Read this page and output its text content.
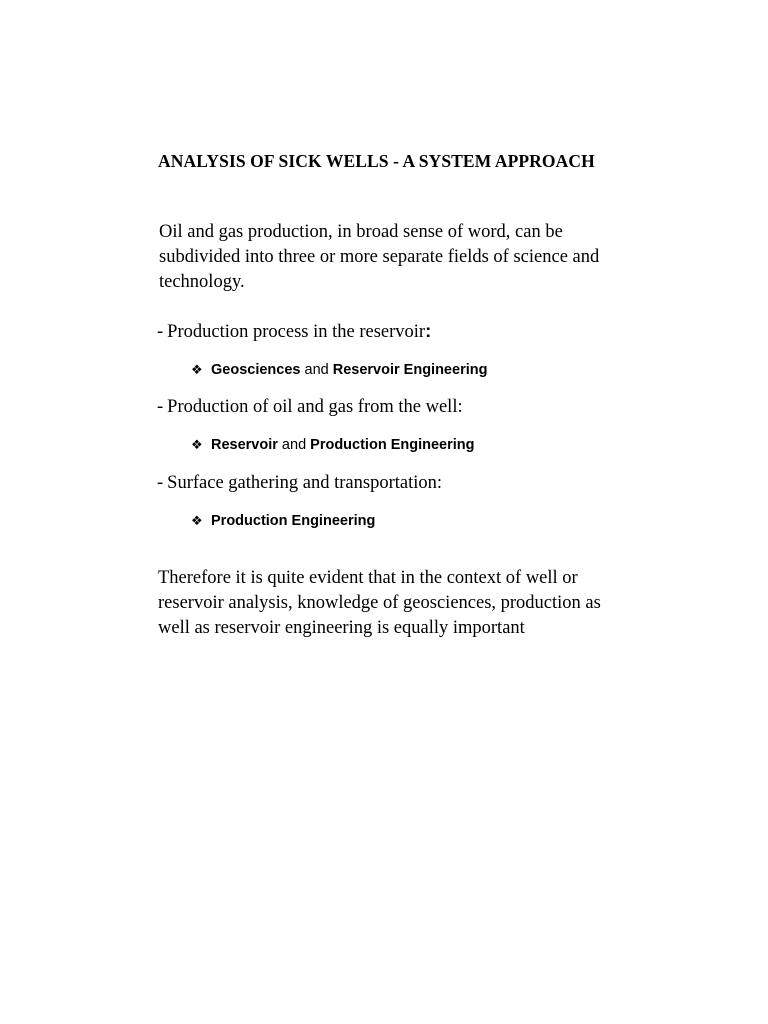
ANALYSIS OF SICK WELLS - A SYSTEM APPROACH

Oil and gas production, in broad sense of word, can be
subdivided into three or more separate fields of science and
technology.

- Production process in the reservoir:
❖ Geosciences and Reservoir Engineering
- Production of oil and gas from the well:
❖ Reservoir and Production Engineering
- Surface gathering and transportation:
❖ Production Engineering

Therefore it is quite evident that in the context of well or
reservoir analysis, knowledge of geosciences, production as
well as reservoir engineering is equally important
